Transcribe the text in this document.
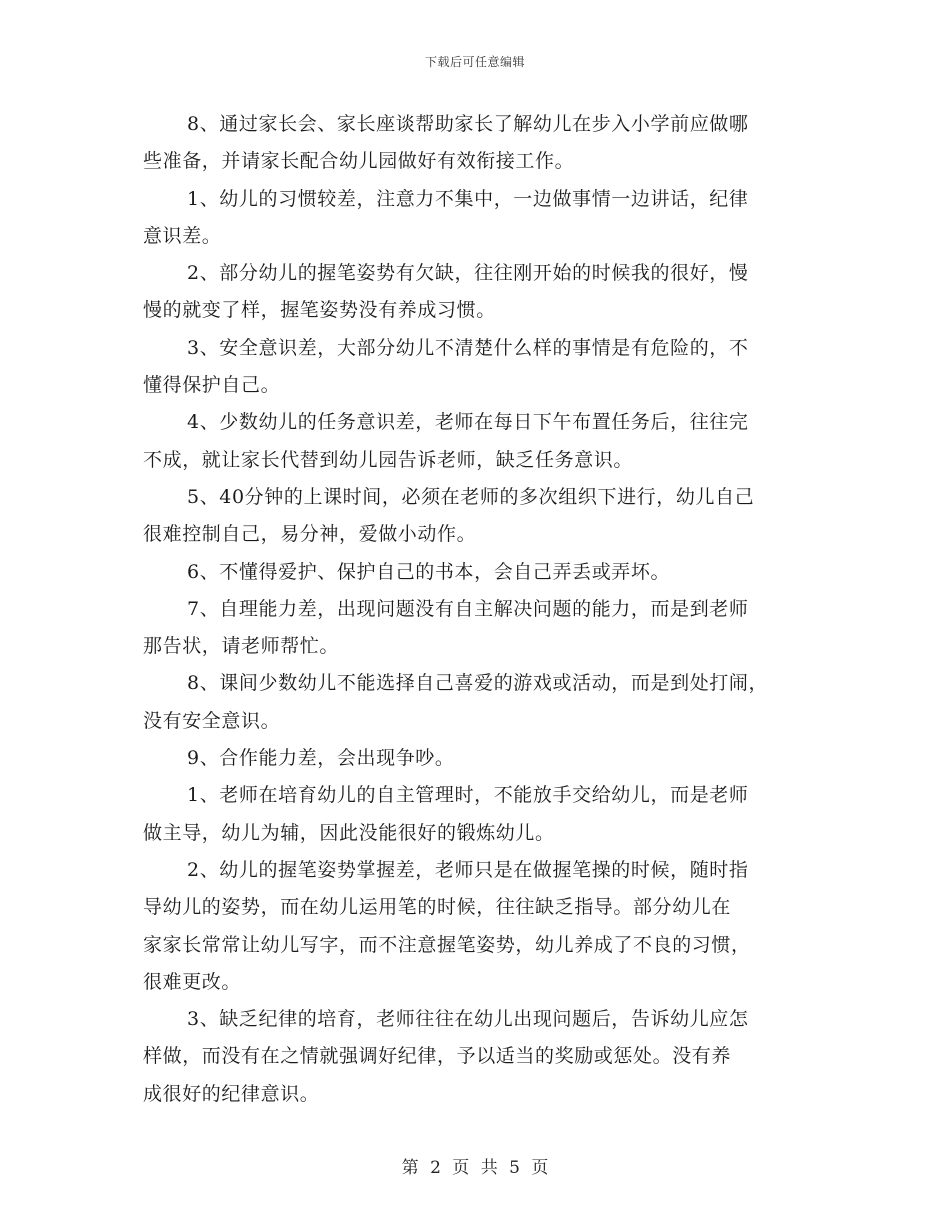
下载后可任意编辑
8、通过家长会、家长座谈帮助家长了解幼儿在步入小学前应做哪
些准备，并请家长配合幼儿园做好有效衔接工作。
1、幼儿的习惯较差，注意力不集中，一边做事情一边讲话，纪律
意识差。
2、部分幼儿的握笔姿势有欠缺，往往刚开始的时候我的很好，慢
慢的就变了样，握笔姿势没有养成习惯。
3、安全意识差，大部分幼儿不清楚什么样的事情是有危险的，不
懂得保护自己。
4、少数幼儿的任务意识差，老师在每日下午布置任务后，往往完
不成，就让家长代替到幼儿园告诉老师，缺乏任务意识。
5、40分钟的上课时间，必须在老师的多次组织下进行，幼儿自己
很难控制自己，易分神，爱做小动作。
6、不懂得爱护、保护自己的书本，会自己弄丢或弄坏。
7、自理能力差，出现问题没有自主解决问题的能力，而是到老师
那告状，请老师帮忙。
8、课间少数幼儿不能选择自己喜爱的游戏或活动，而是到处打闹，
没有安全意识。
9、合作能力差，会出现争吵。
1、老师在培育幼儿的自主管理时，不能放手交给幼儿，而是老师
做主导，幼儿为辅，因此没能很好的锻炼幼儿。
2、幼儿的握笔姿势掌握差，老师只是在做握笔操的时候，随时指
导幼儿的姿势，而在幼儿运用笔的时候，往往缺乏指导。部分幼儿在
家家长常常让幼儿写字，而不注意握笔姿势，幼儿养成了不良的习惯，
很难更改。
3、缺乏纪律的培育，老师往往在幼儿出现问题后，告诉幼儿应怎
样做，而没有在之情就强调好纪律，予以适当的奖励或惩处。没有养
成很好的纪律意识。
第 2 页 共 5 页
